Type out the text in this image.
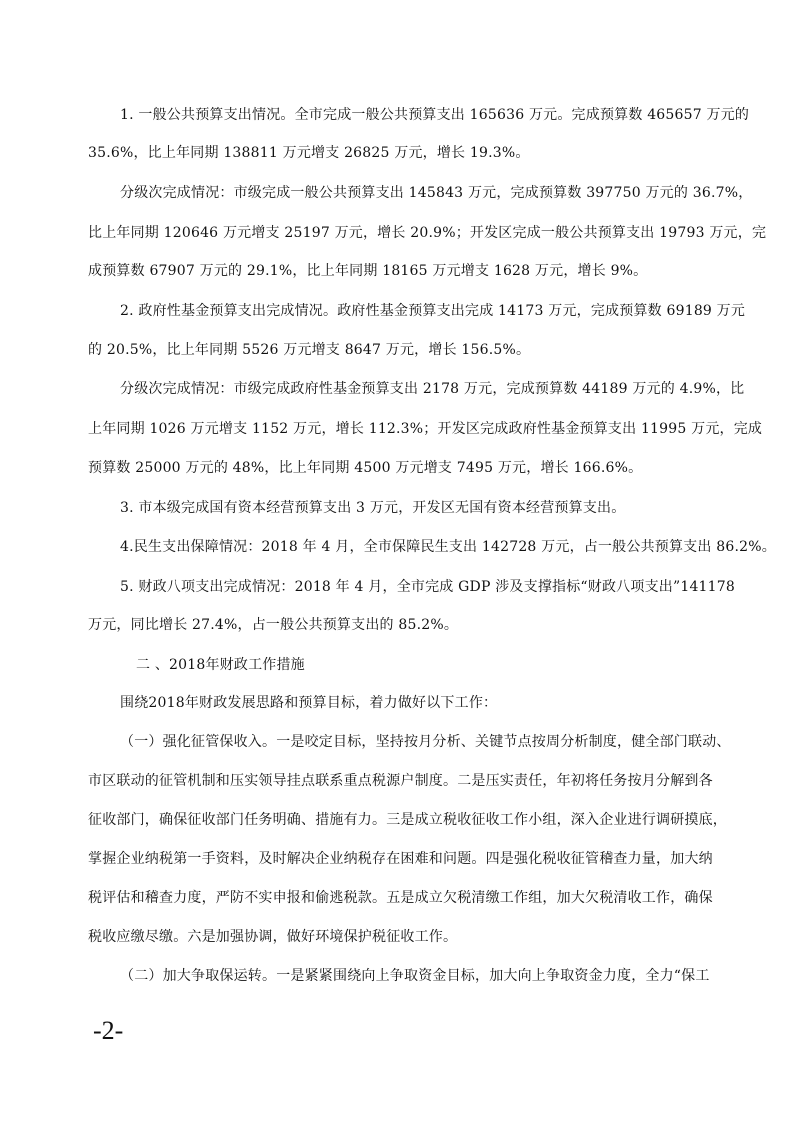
1. 一般公共预算支出情况。全市完成一般公共预算支出 165636 万元。完成预算数 465657 万元的
35.6%，比上年同期 138811 万元增支 26825 万元，增长 19.3%。
分级次完成情况：市级完成一般公共预算支出 145843 万元，完成预算数 397750 万元的 36.7%，
比上年同期 120646 万元增支 25197 万元，增长 20.9%；开发区完成一般公共预算支出 19793 万元，完
成预算数 67907 万元的 29.1%，比上年同期 18165 万元增支 1628 万元，增长 9%。
2. 政府性基金预算支出完成情况。政府性基金预算支出完成 14173 万元，完成预算数 69189 万元
的 20.5%，比上年同期 5526 万元增支 8647 万元，增长 156.5%。
分级次完成情况：市级完成政府性基金预算支出 2178 万元，完成预算数 44189 万元的 4.9%，比
上年同期 1026 万元增支 1152 万元，增长 112.3%；开发区完成政府性基金预算支出 11995 万元，完成
预算数 25000 万元的 48%，比上年同期 4500 万元增支 7495 万元，增长 166.6%。
3. 市本级完成国有资本经营预算支出 3 万元，开发区无国有资本经营预算支出。
4.民生支出保障情况：2018 年 4 月，全市保障民生支出 142728 万元，占一般公共预算支出 86.2%。
5. 财政八项支出完成情况：2018 年 4 月，全市完成 GDP 涉及支撑指标“财政八项支出”141178
万元，同比增长 27.4%，占一般公共预算支出的 85.2%。
二 、2018年财政工作措施
围绕2018年财政发展思路和预算目标，着力做好以下工作：
（一）强化征管保收入。一是咬定目标，坚持按月分析、关键节点按周分析制度，健全部门联动、
市区联动的征管机制和压实领导挂点联系重点税源户制度。二是压实责任，年初将任务按月分解到各
征收部门，确保征收部门任务明确、措施有力。三是成立税收征收工作小组，深入企业进行调研摸底，
掌握企业纳税第一手资料，及时解决企业纳税存在困难和问题。四是强化税收征管稽查力量，加大纳
税评估和稽查力度，严防不实申报和偷逃税款。五是成立欠税清缴工作组，加大欠税清收工作，确保
税收应缴尽缴。六是加强协调，做好环境保护税征收工作。
（二）加大争取保运转。一是紧紧围绕向上争取资金目标，加大向上争取资金力度，全力“保工
-2-
